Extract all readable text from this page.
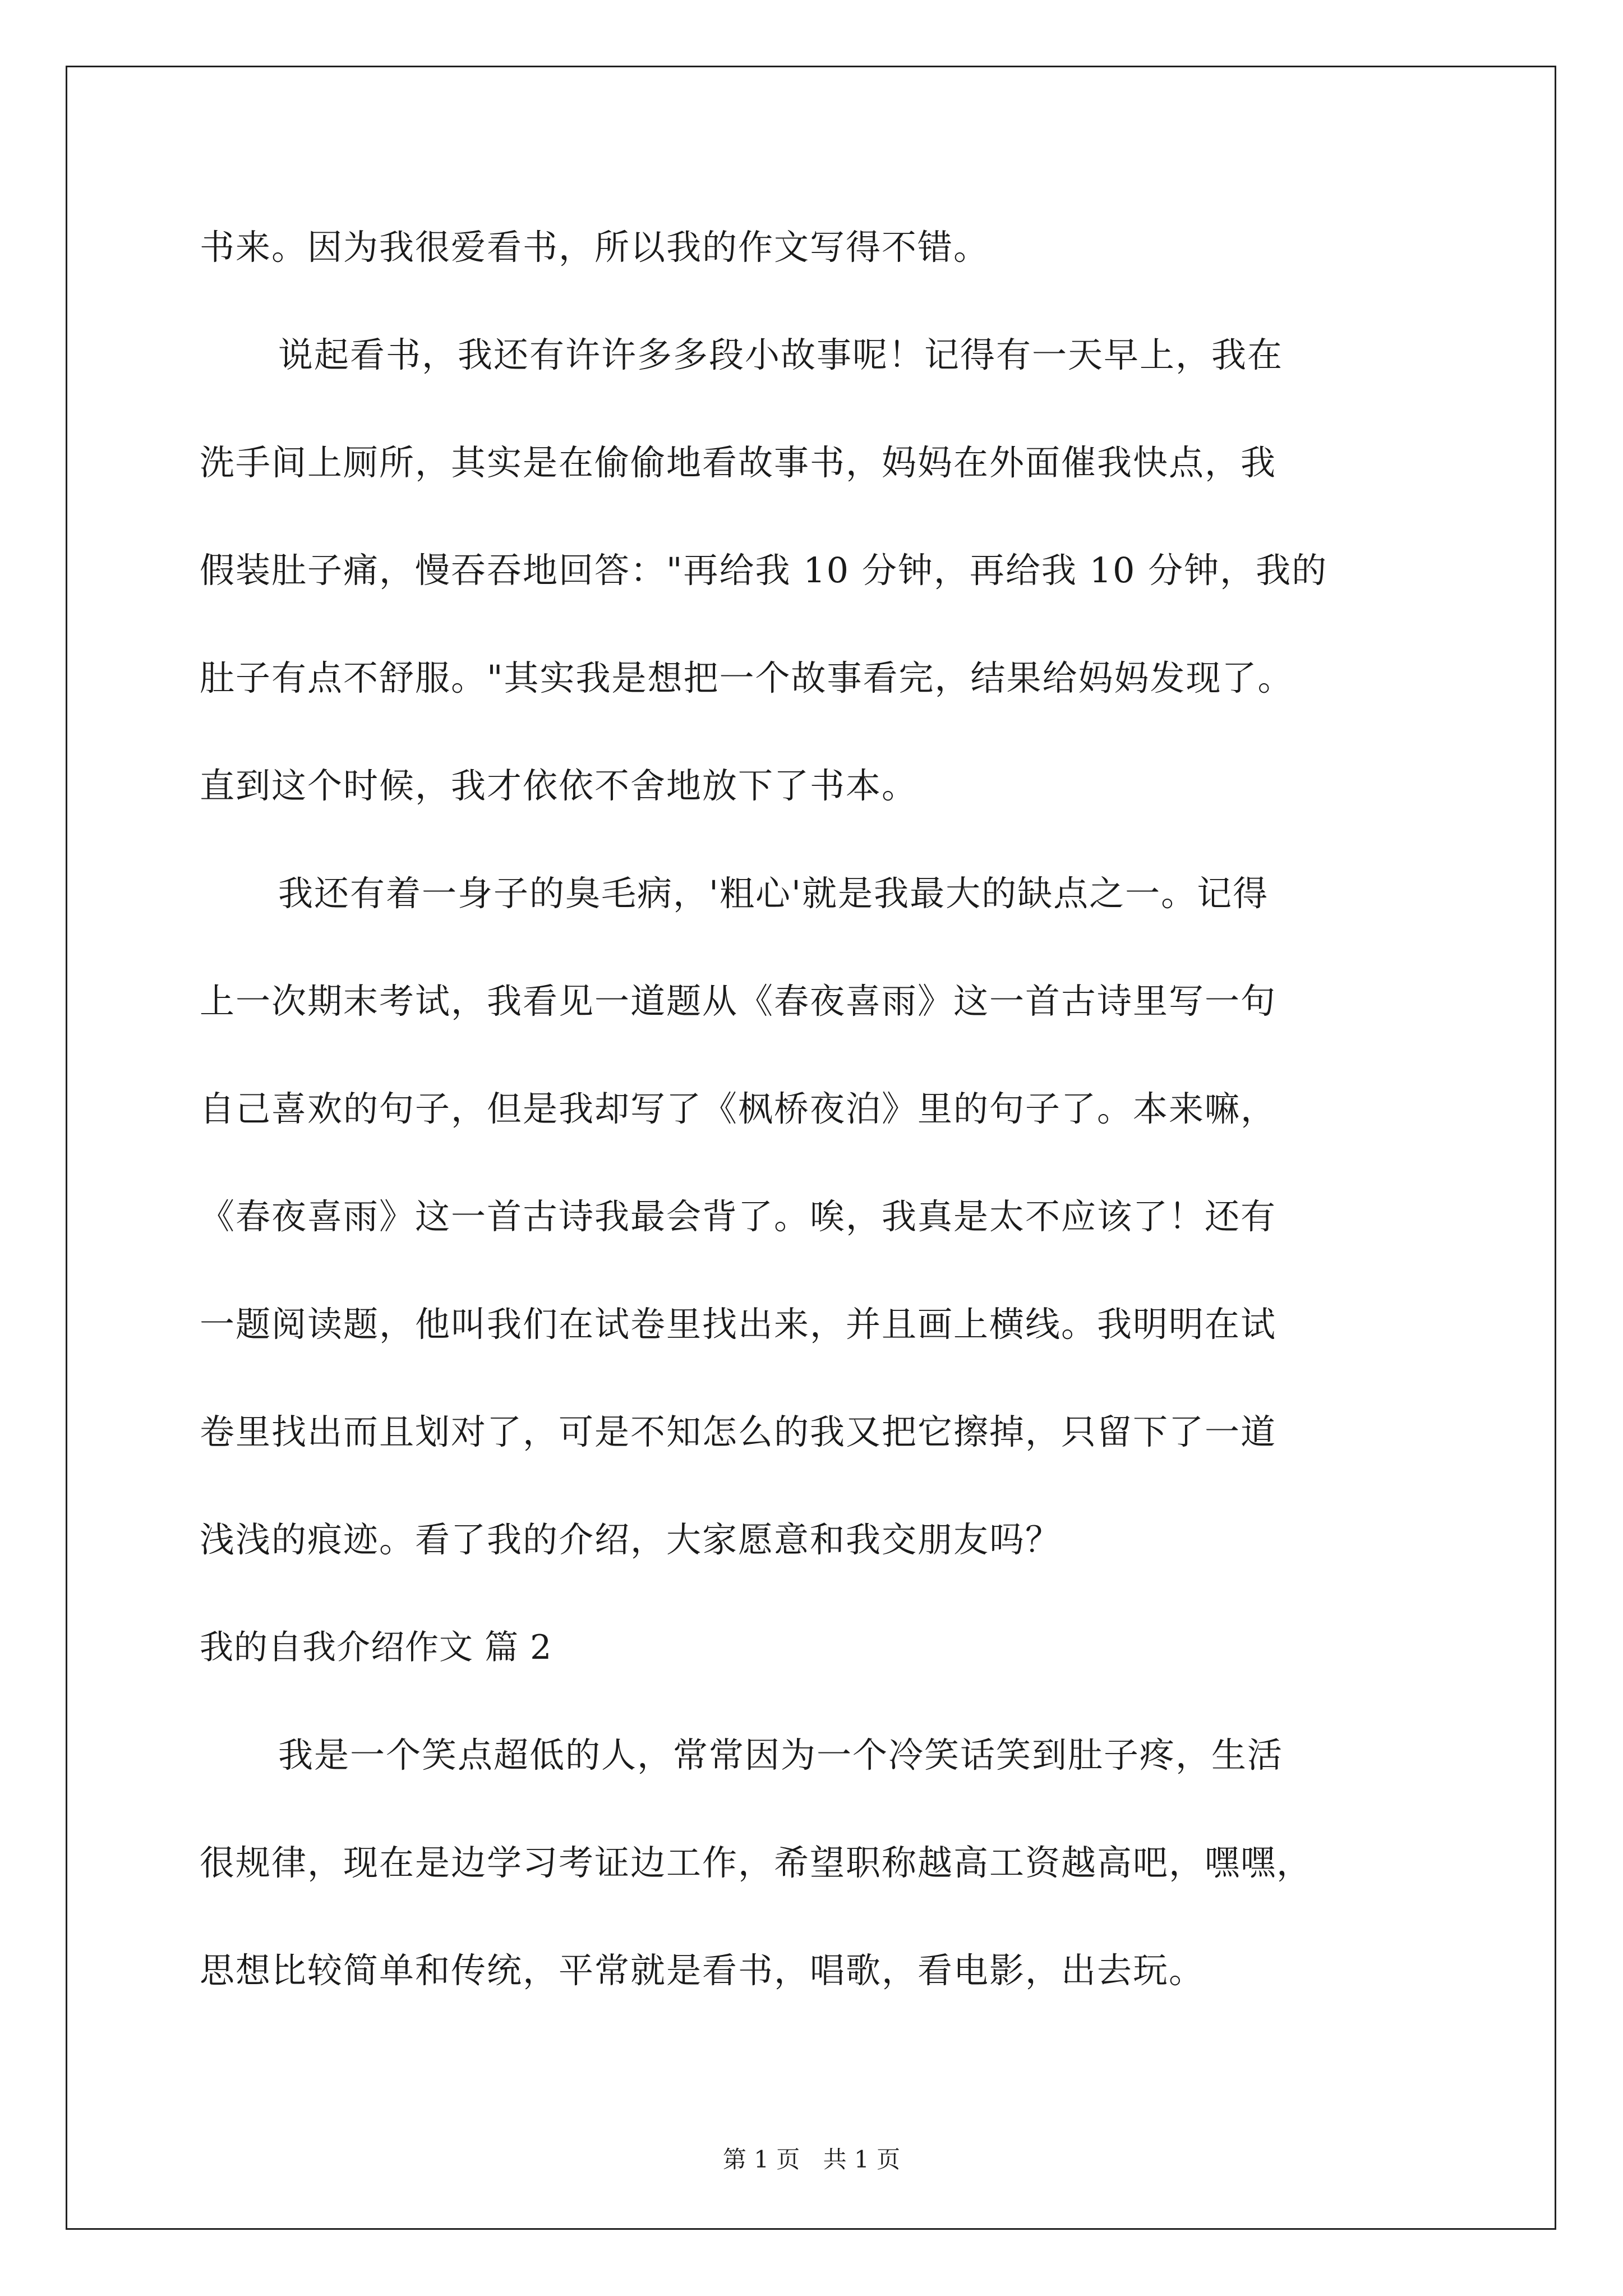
书来。因为我很爱看书，所以我的作文写得不错。
说起看书，我还有许许多多段小故事呢！记得有一天早上，我在
洗手间上厕所，其实是在偷偷地看故事书，妈妈在外面催我快点，我
假装肚子痛，慢吞吞地回答："再给我 10 分钟，再给我 10 分钟，我的
肚子有点不舒服。"其实我是想把一个故事看完，结果给妈妈发现了。
直到这个时候，我才依依不舍地放下了书本。
我还有着一身子的臭毛病，'粗心'就是我最大的缺点之一。记得
上一次期末考试，我看见一道题从《春夜喜雨》这一首古诗里写一句
自己喜欢的句子，但是我却写了《枫桥夜泊》里的句子了。本来嘛，
《春夜喜雨》这一首古诗我最会背了。唉，我真是太不应该了！还有
一题阅读题，他叫我们在试卷里找出来，并且画上横线。我明明在试
卷里找出而且划对了，可是不知怎么的我又把它擦掉，只留下了一道
浅浅的痕迹。看了我的介绍，大家愿意和我交朋友吗？
我的自我介绍作文 篇 2
我是一个笑点超低的人，常常因为一个冷笑话笑到肚子疼，生活
很规律，现在是边学习考证边工作，希望职称越高工资越高吧，嘿嘿，
思想比较简单和传统，平常就是看书，唱歌，看电影，出去玩。
第 1 页 共 1 页
